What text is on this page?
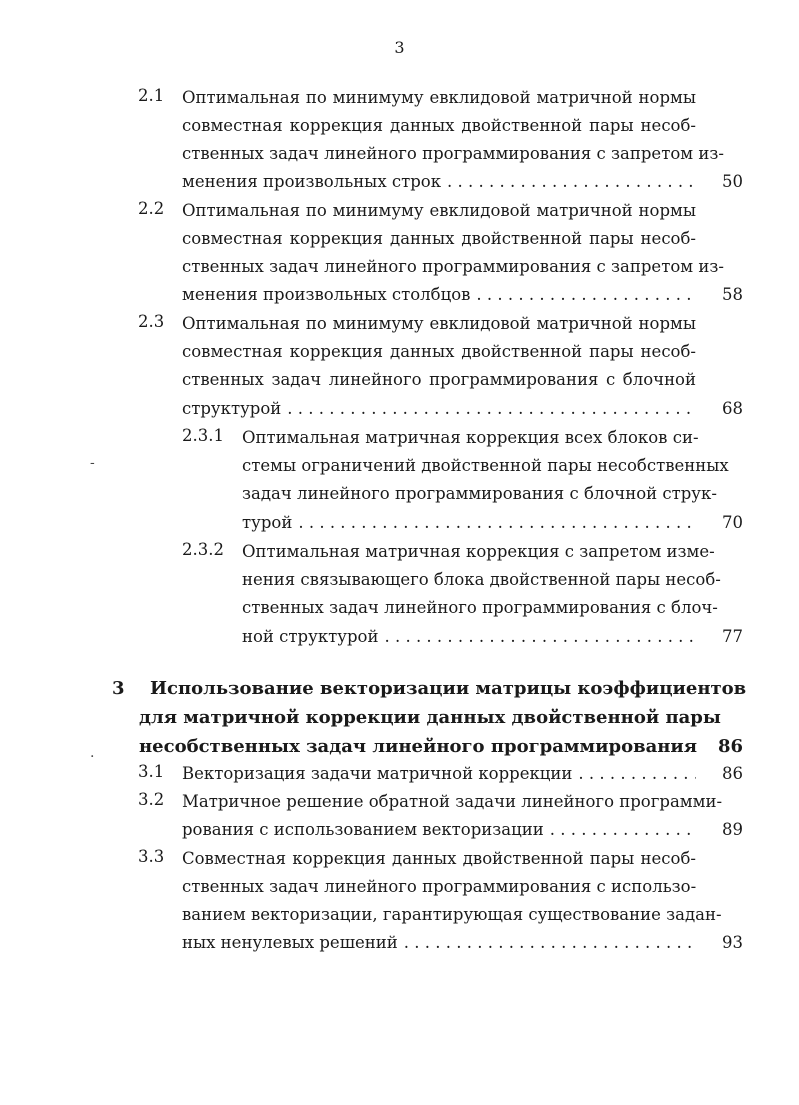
3
-
.
2.1 Оптимальная по минимуму евклидовой матричной нормы
совместная коррекция данных двойственной пары несоб-
ственных задач линейного программирования с запретом из-
менения произвольных строк . . .	50
2.2 Оптимальная по минимуму евклидовой матричной нормы
совместная коррекция данных двойственной пары несоб-
ственных задач линейного программирования с запретом из-
менения произвольных столбцов . . .	58
2.3 Оптимальная по минимуму евклидовой матричной нормы
совместная коррекция данных двойственной пары несоб-
ственных задач линейного программирования с блочной
структурой . . .	68
2.3.1 Оптимальная матричная коррекция всех блоков си-
стемы ограничений двойственной пары несобственных
задач линейного программирования с блочной струк-
турой . . .	70
2.3.2 Оптимальная матричная коррекция с запретом изме-
нения связывающего блока двойственной пары несоб-
ственных задач линейного программирования с блоч-
ной структурой . . .	77
3 Использование векторизации матрицы коэффициентов
для матричной коррекции данных двойственной пары
несобственных задач линейного программирования	86
3.1 Векторизация задачи матричной коррекции . . .	86
3.2 Матричное решение обратной задачи линейного программи-
рования с использованием векторизации . . .	89
3.3 Совместная коррекция данных двойственной пары несоб-
ственных задач линейного программирования с использо-
ванием векторизации, гарантирующая существование задан-
ных ненулевых решений . . .	93
